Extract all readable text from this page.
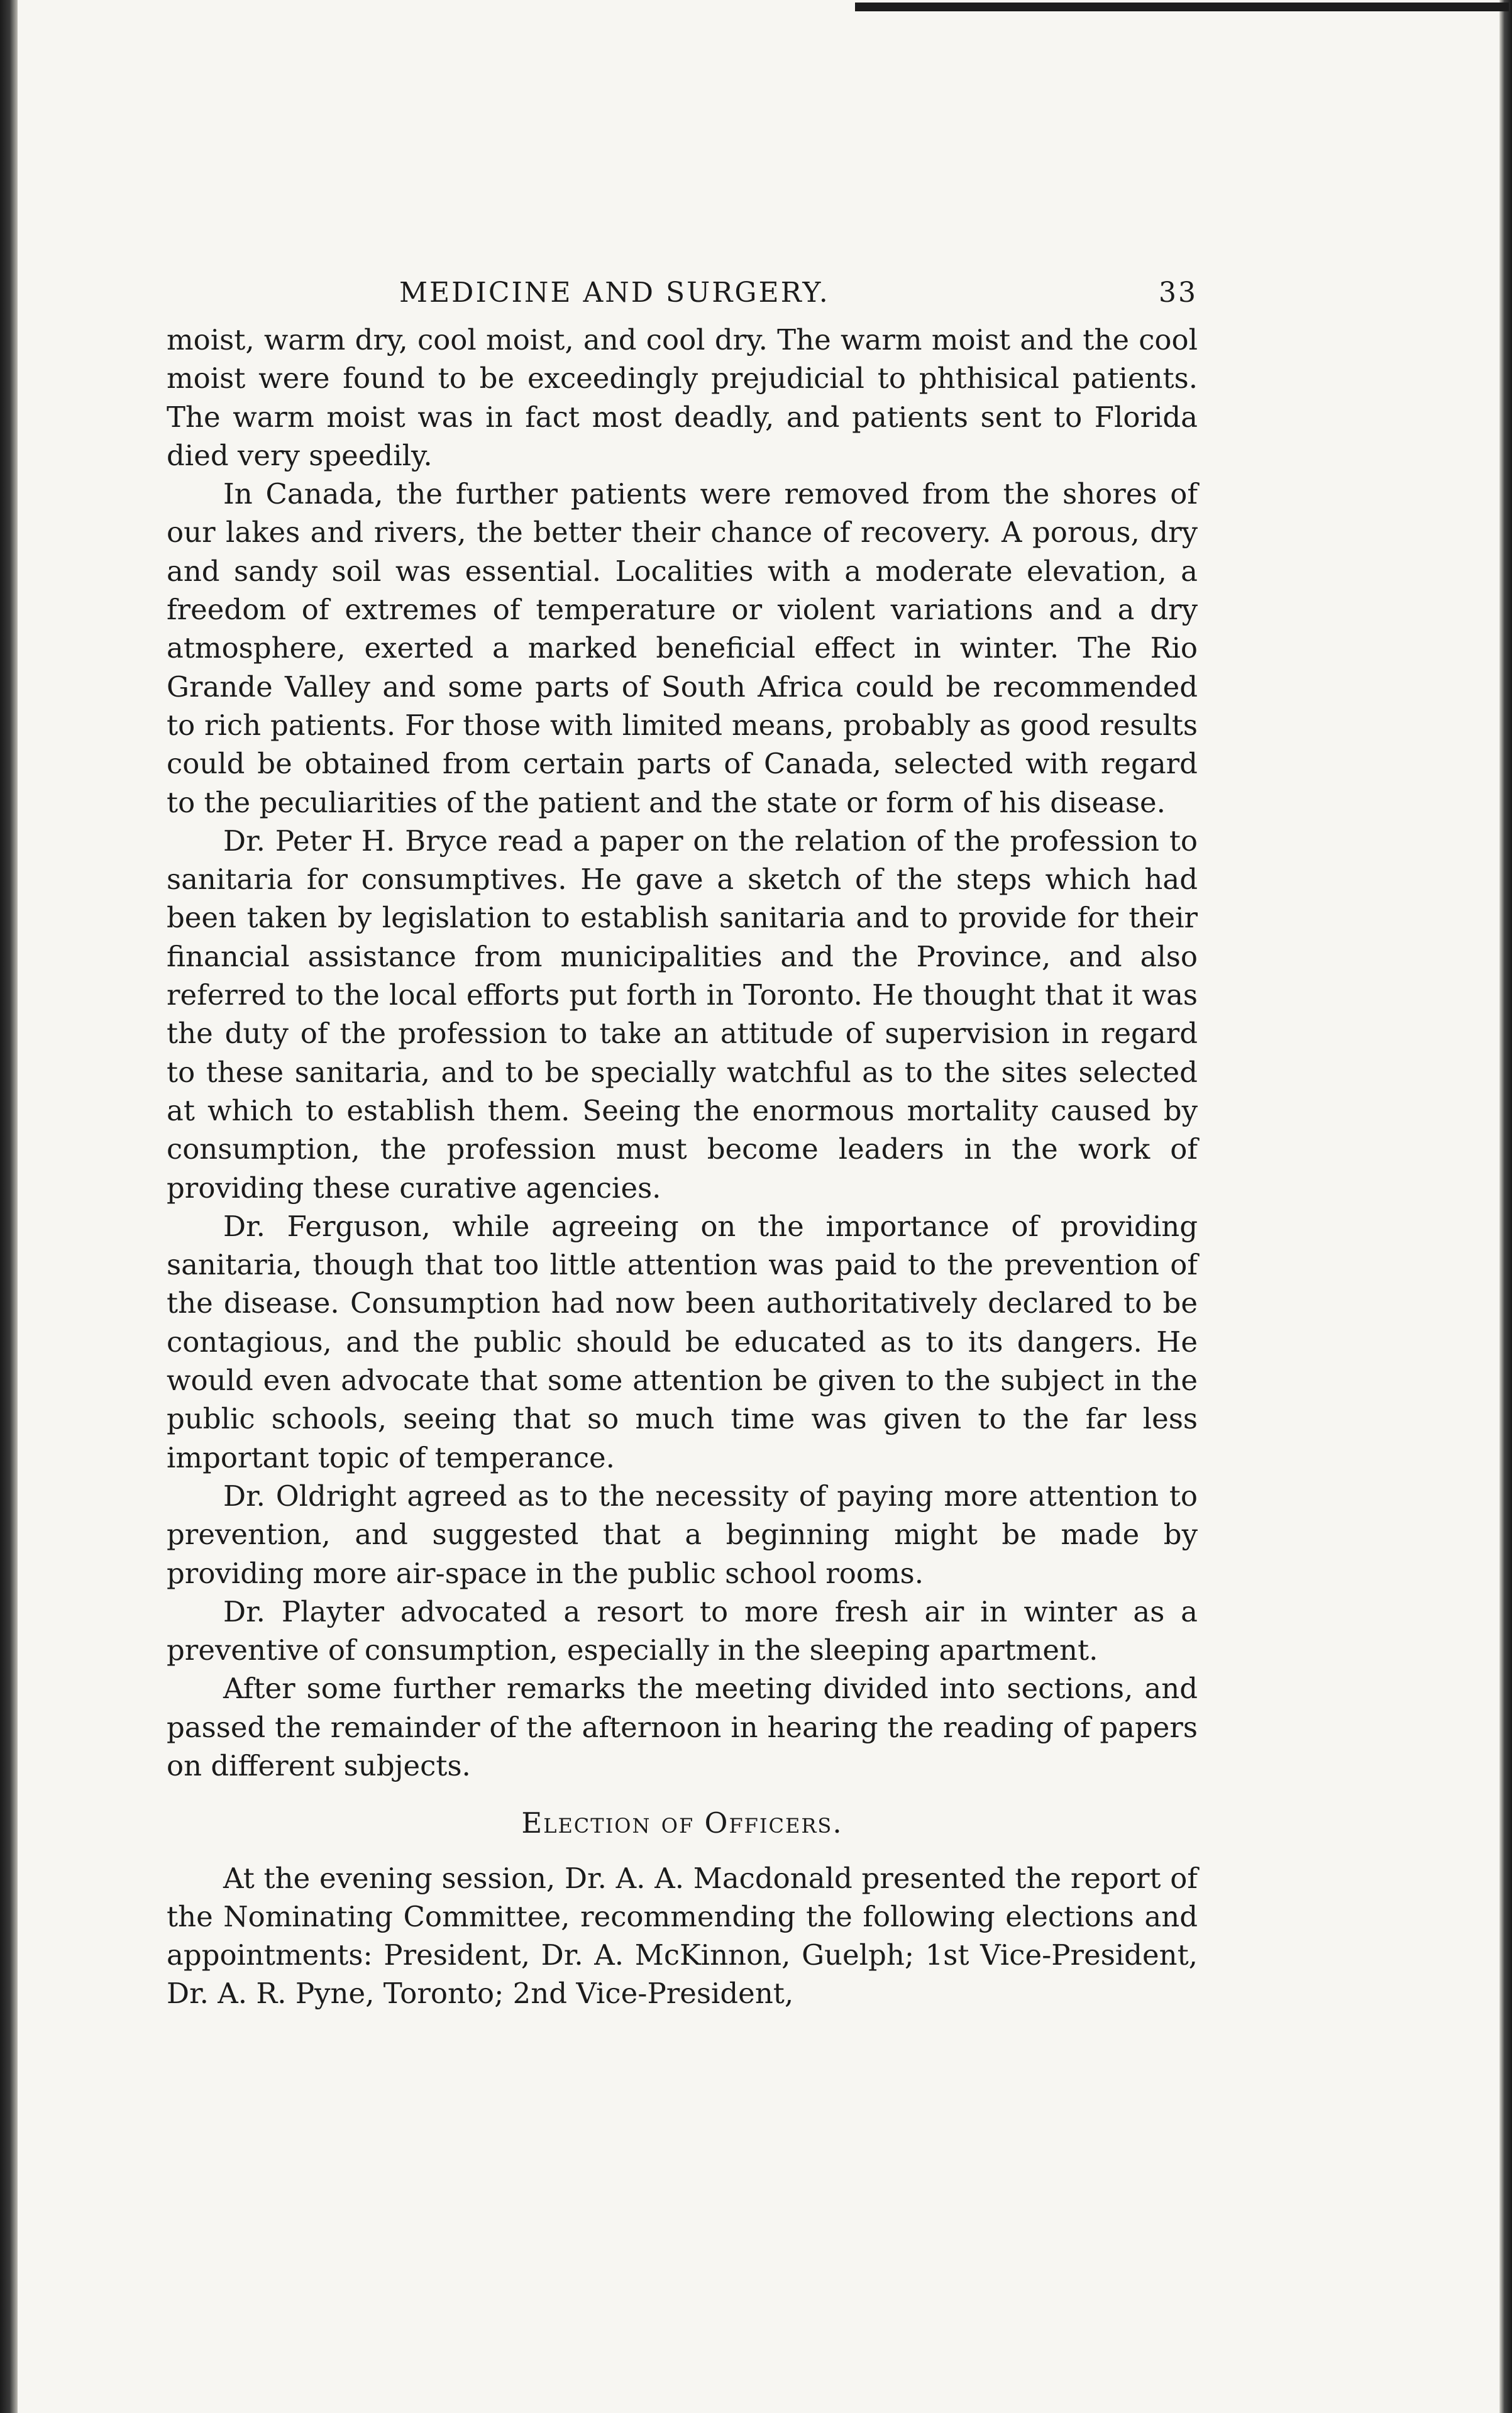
MEDICINE AND SURGERY.	33

moist, warm dry, cool moist, and cool dry. The warm moist and the cool moist were found to be exceedingly prejudicial to phthisical patients. The warm moist was in fact most deadly, and patients sent to Florida died very speedily.

In Canada, the further patients were removed from the shores of our lakes and rivers, the better their chance of recovery. A porous, dry and sandy soil was essential. Localities with a moderate elevation, a freedom of extremes of temperature or violent variations and a dry atmosphere, exerted a marked beneficial effect in winter. The Rio Grande Valley and some parts of South Africa could be recommended to rich patients. For those with limited means, probably as good results could be obtained from certain parts of Canada, selected with regard to the peculiarities of the patient and the state or form of his disease.

Dr. Peter H. Bryce read a paper on the relation of the profession to sanitaria for consumptives. He gave a sketch of the steps which had been taken by legislation to establish sanitaria and to provide for their financial assistance from municipalities and the Province, and also referred to the local efforts put forth in Toronto. He thought that it was the duty of the profession to take an attitude of supervision in regard to these sanitaria, and to be specially watchful as to the sites selected at which to establish them. Seeing the enormous mortality caused by consumption, the profession must become leaders in the work of providing these curative agencies.

Dr. Ferguson, while agreeing on the importance of providing sanitaria, though that too little attention was paid to the prevention of the disease. Consumption had now been authoritatively declared to be contagious, and the public should be educated as to its dangers. He would even advocate that some attention be given to the subject in the public schools, seeing that so much time was given to the far less important topic of temperance.

Dr. Oldright agreed as to the necessity of paying more attention to prevention, and suggested that a beginning might be made by providing more air-space in the public school rooms.

Dr. Playter advocated a resort to more fresh air in winter as a preventive of consumption, especially in the sleeping apartment.

After some further remarks the meeting divided into sections, and passed the remainder of the afternoon in hearing the reading of papers on different subjects.

Election of Officers.

At the evening session, Dr. A. A. Macdonald presented the report of the Nominating Committee, recommending the following elections and appointments: President, Dr. A. McKinnon, Guelph; 1st Vice-President, Dr. A. R. Pyne, Toronto; 2nd Vice-President,
